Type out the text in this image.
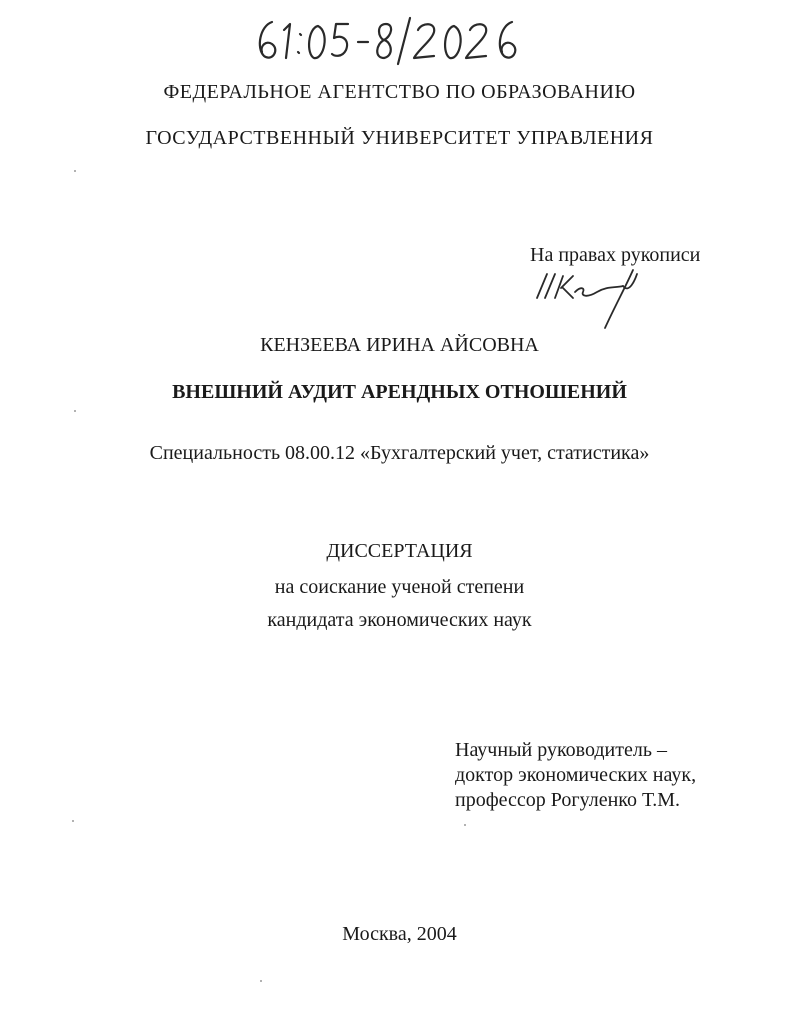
ФЕДЕРАЛЬНОЕ АГЕНТСТВО ПО ОБРАЗОВАНИЮ
ГОСУДАРСТВЕННЫЙ УНИВЕРСИТЕТ УПРАВЛЕНИЯ
На правах рукописи
КЕНЗЕЕВА ИРИНА АЙСОВНА
ВНЕШНИЙ АУДИТ АРЕНДНЫХ ОТНОШЕНИЙ
Специальность 08.00.12 «Бухгалтерский учет, статистика»
ДИССЕРТАЦИЯ
на соискание ученой степени
кандидата экономических наук
Научный руководитель –
доктор экономических наук,
профессор Рогуленко Т.М.
Москва, 2004
